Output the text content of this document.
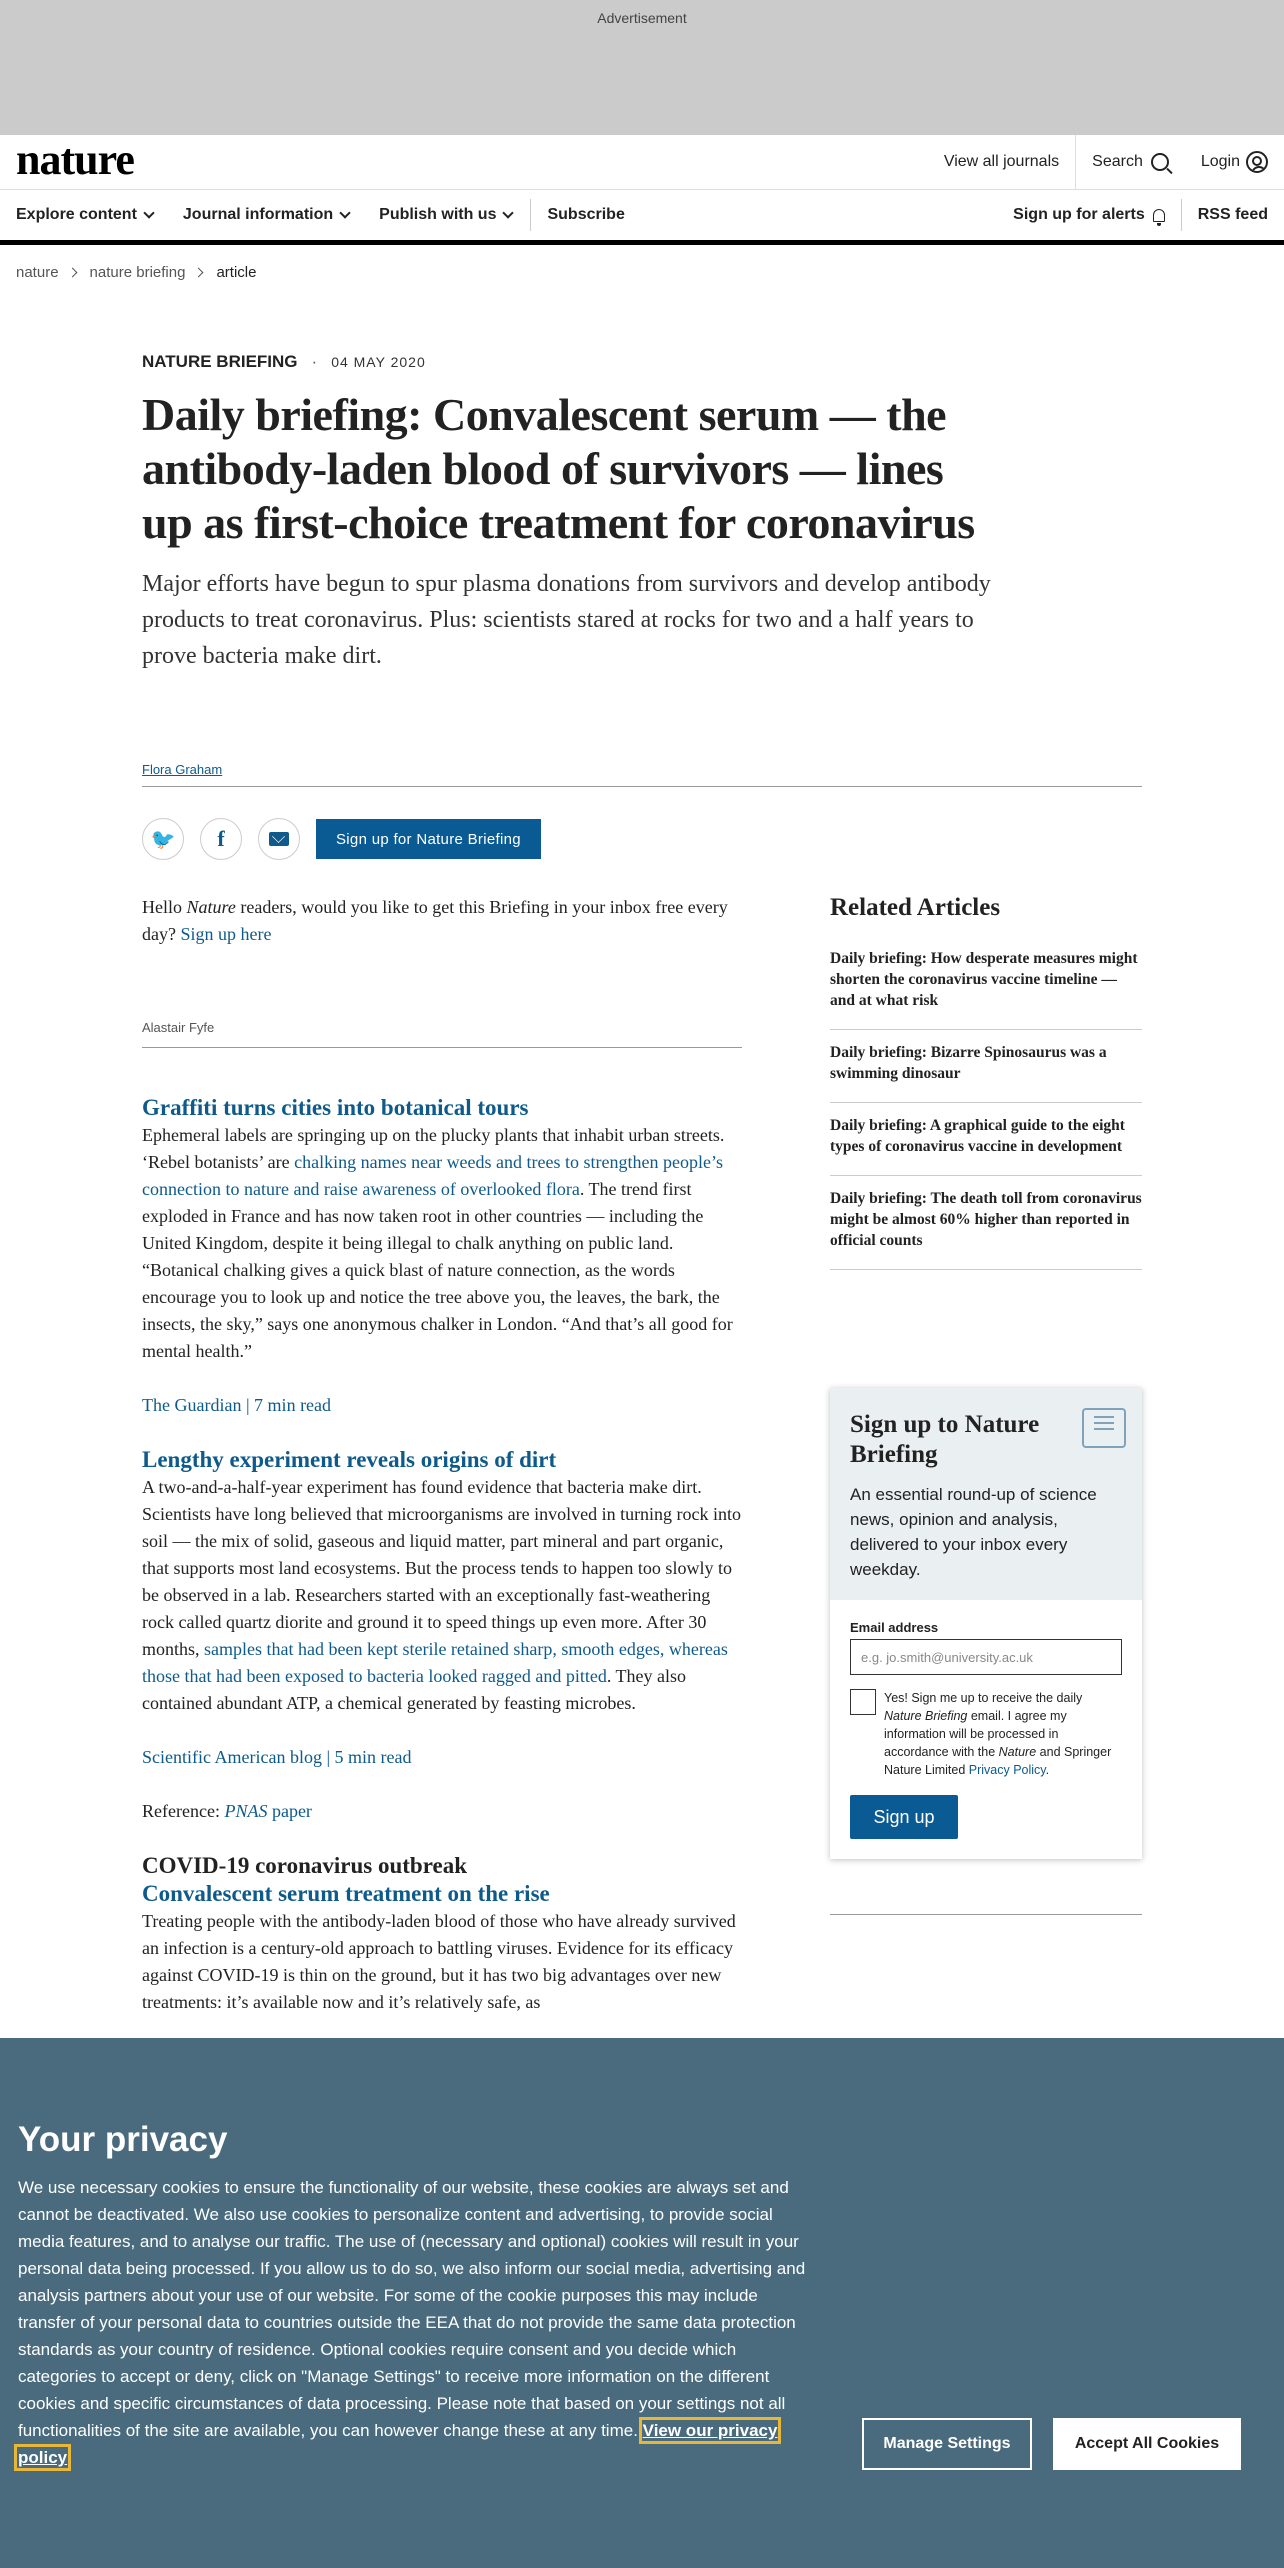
Advertisement
nature	View all journals	Search	Login
Explore content	Journal information	Publish with us	Subscribe	Sign up for alerts	RSS feed
nature nature briefing article
NATURE BRIEFING · 04 MAY 2020
Daily briefing: Convalescent serum — the antibody-laden blood of survivors — lines up as first-choice treatment for coronavirus
Major efforts have begun to spur plasma donations from survivors and develop antibody products to treat coronavirus. Plus: scientists stared at rocks for two and a half years to prove bacteria make dirt.
Flora Graham
🐦 f	Sign up for Nature Briefing

Hello Nature readers, would you like to get this Briefing in your inbox free every day? Sign up here

Alastair Fyfe
Graffiti turns cities into botanical tours

Ephemeral labels are springing up on the plucky plants that inhabit urban streets. ‘Rebel botanists’ are chalking names near weeds and trees to strengthen people’s connection to nature and raise awareness of overlooked flora. The trend first exploded in France and has now taken root in other countries — including the United Kingdom, despite it being illegal to chalk anything on public land. “Botanical chalking gives a quick blast of nature connection, as the words encourage you to look up and notice the tree above you, the leaves, the bark, the insects, the sky,” says one anonymous chalker in London. “And that’s all good for mental health.”

The Guardian | 7 min read

Lengthy experiment reveals origins of dirt

A two-and-a-half-year experiment has found evidence that bacteria make dirt. Scientists have long believed that microorganisms are involved in turning rock into soil — the mix of solid, gaseous and liquid matter, part mineral and part organic, that supports most land ecosystems. But the process tends to happen too slowly to be observed in a lab. Researchers started with an exceptionally fast-weathering rock called quartz diorite and ground it to speed things up even more. After 30 months, samples that had been kept sterile retained sharp, smooth edges, whereas those that had been exposed to bacteria looked ragged and pitted. They also contained abundant ATP, a chemical generated by feasting microbes.

Scientific American blog | 5 min read

Reference: PNAS paper

COVID-19 coronavirus outbreak
Convalescent serum treatment on the rise

Treating people with the antibody-laden blood of those who have already survived an infection is a century-old approach to battling viruses. Evidence for its efficacy against COVID-19 is thin on the ground, but it has two big advantages over new treatments: it’s available now and it’s relatively safe, as

Related Articles
Daily briefing: How desperate measures might shorten the coronavirus vaccine timeline — and at what risk
Daily briefing: Bizarre Spinosaurus was a swimming dinosaur
Daily briefing: A graphical guide to the eight types of coronavirus vaccine in development
Daily briefing: The death toll from coronavirus might be almost 60% higher than reported in official counts
Sign up to Nature Briefing
An essential round-up of science news, opinion and analysis, delivered to your inbox every weekday.
Email address
e.g. jo.smith@university.ac.uk
Yes! Sign me up to receive the daily Nature Briefing email. I agree my information will be processed in accordance with the Nature and Springer Nature Limited Privacy Policy.
Sign up
Your privacy

We use necessary cookies to ensure the functionality of our website, these cookies are always set and cannot be deactivated. We also use cookies to personalize content and advertising, to provide social media features, and to analyse our traffic. The use of (necessary and optional) cookies will result in your personal data being processed. If you allow us to do so, we also inform our social media, advertising and analysis partners about your use of our website. For some of the cookie purposes this may include transfer of your personal data to countries outside the EEA that do not provide the same data protection standards as your country of residence. Optional cookies require consent and you decide which categories to accept or deny, click on "Manage Settings" to receive more information on the different cookies and specific circumstances of data processing. Please note that based on your settings not all functionalities of the site are available, you can however change these at any time. View our privacy policy

Manage Settings	Accept All Cookies
